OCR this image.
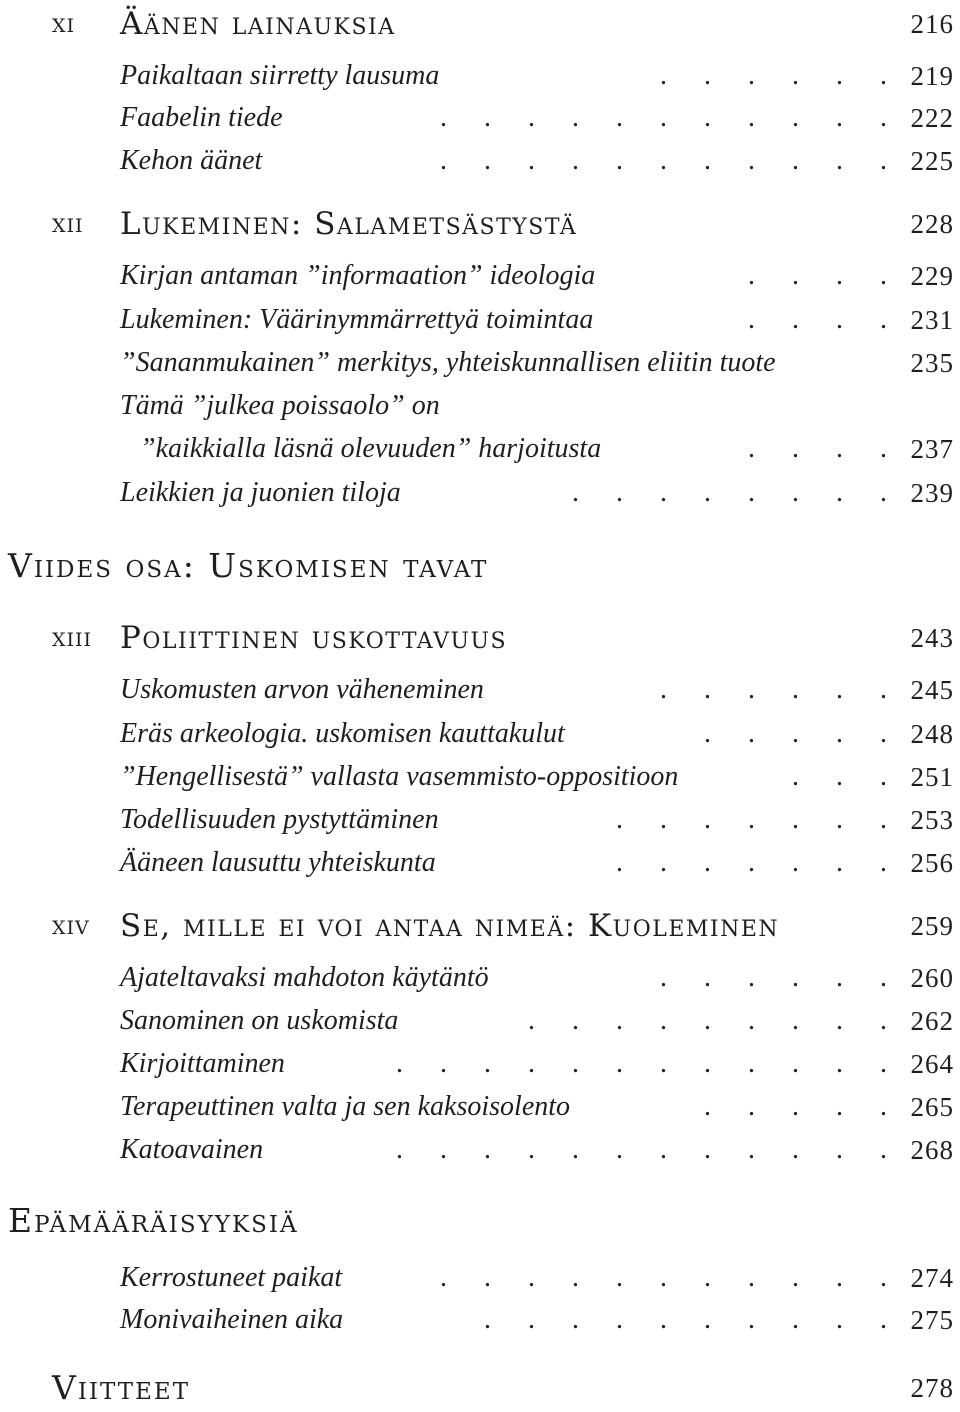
xi Äänen lainauksia	216
Paikaltaan siirretty lausuma	. . . . . . 219
Faabelin tiede	. . . . . . . . . . . 222
Kehon äänet	. . . . . . . . . . . 225
xii Lukeminen: Salametsästystä	228
Kirjan antaman ”informaation” ideologia	. . . . 229
Lukeminen: Väärinymmärrettyä toimintaa	. . . . 231
”Sananmukainen” merkitys, yhteiskunnallisen eliitin tuote	235
Tämä ”julkea poissaolo” on
”kaikkialla läsnä olevuuden” harjoitusta	. . . . 237
Leikkien ja juonien tiloja	. . . . . . . . 239
Viides osa: Uskomisen tavat
xiii Poliittinen uskottavuus	243
Uskomusten arvon väheneminen	. . . . . . 245
Eräs arkeologia. uskomisen kauttakulut	. . . . . 248
”Hengellisestä” vallasta vasemmisto-oppositioon	. . . 251
Todellisuuden pystyttäminen	. . . . . . . 253
Ääneen lausuttu yhteiskunta	. . . . . . . 256
xiv Se, mille ei voi antaa nimeä: Kuoleminen	259
Ajateltavaksi mahdoton käytäntö	. . . . . . 260
Sanominen on uskomista	. . . . . . . . . 262
Kirjoittaminen	. . . . . . . . . . . . 264
Terapeuttinen valta ja sen kaksoisolento	. . . . . 265
Katoavainen	. . . . . . . . . . . . 268
Epämääräisyyksiä
Kerrostuneet paikat	. . . . . . . . . . . 274
Monivaiheinen aika	. . . . . . . . . . 275
Viitteet	278
